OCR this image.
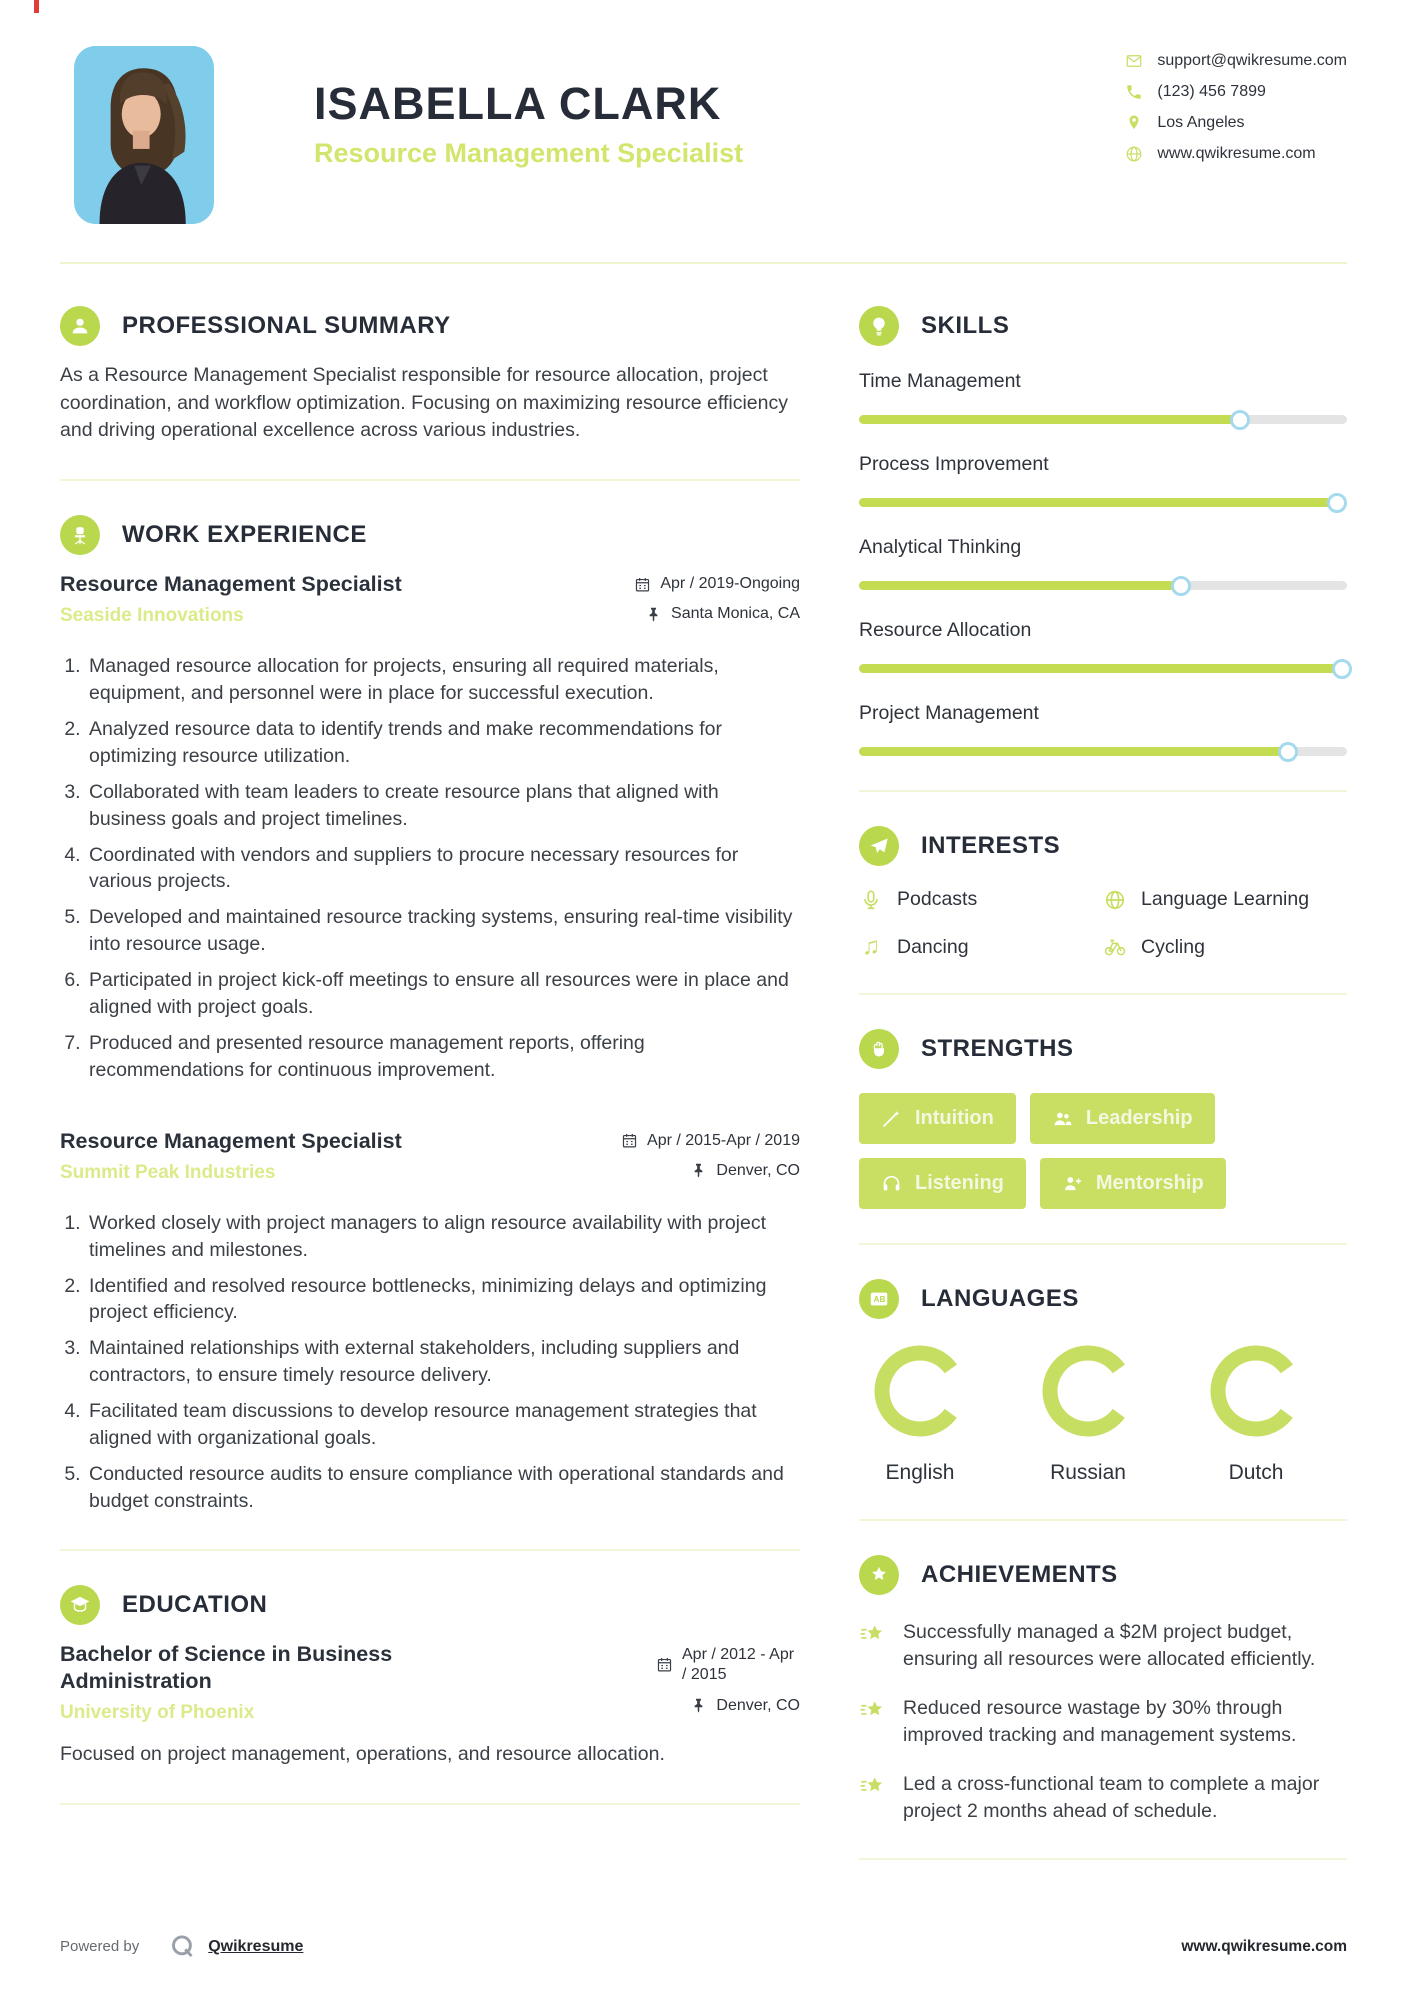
ISABELLA CLARK
Resource Management Specialist
support@qwikresume.com
(123) 456 7899
Los Angeles
www.qwikresume.com
PROFESSIONAL SUMMARY

As a Resource Management Specialist responsible for resource allocation, project coordination, and workflow optimization. Focusing on maximizing resource efficiency and driving operational excellence across various industries.

WORK EXPERIENCE
Resource Management Specialist
Seaside Innovations
Apr / 2019-Ongoing
Santa Monica, CA
1. Managed resource allocation for projects, ensuring all required materials, equipment, and personnel were in place for successful execution.
2. Analyzed resource data to identify trends and make recommendations for optimizing resource utilization.
3. Collaborated with team leaders to create resource plans that aligned with business goals and project timelines.
4. Coordinated with vendors and suppliers to procure necessary resources for various projects.
5. Developed and maintained resource tracking systems, ensuring real-time visibility into resource usage.
6. Participated in project kick-off meetings to ensure all resources were in place and aligned with project goals.
7. Produced and presented resource management reports, offering recommendations for continuous improvement.
Resource Management Specialist
Summit Peak Industries
Apr / 2015-Apr / 2019
Denver, CO
1. Worked closely with project managers to align resource availability with project timelines and milestones.
2. Identified and resolved resource bottlenecks, minimizing delays and optimizing project efficiency.
3. Maintained relationships with external stakeholders, including suppliers and contractors, to ensure timely resource delivery.
4. Facilitated team discussions to develop resource management strategies that aligned with organizational goals.
5. Conducted resource audits to ensure compliance with operational standards and budget constraints.
EDUCATION
Bachelor of Science in Business Administration
University of Phoenix
Apr / 2012 - Apr / 2015
Denver, CO

Focused on project management, operations, and resource allocation.

SKILLS
Time Management
Process Improvement
Analytical Thinking
Resource Allocation
Project Management
INTERESTS
Podcasts	Language Learning
♫ Dancing	Cycling
STRENGTHS
Intuition	Leadership
Listening	Mentorship
AB LANGUAGES
English	Russian	Dutch
ACHIEVEMENTS

Successfully managed a $2M project budget, ensuring all resources were allocated efficiently.

Reduced resource wastage by 30% through improved tracking and management systems.

Led a cross-functional team to complete a major project 2 months ahead of schedule.

Powered by	Qwikresume	www.qwikresume.com
